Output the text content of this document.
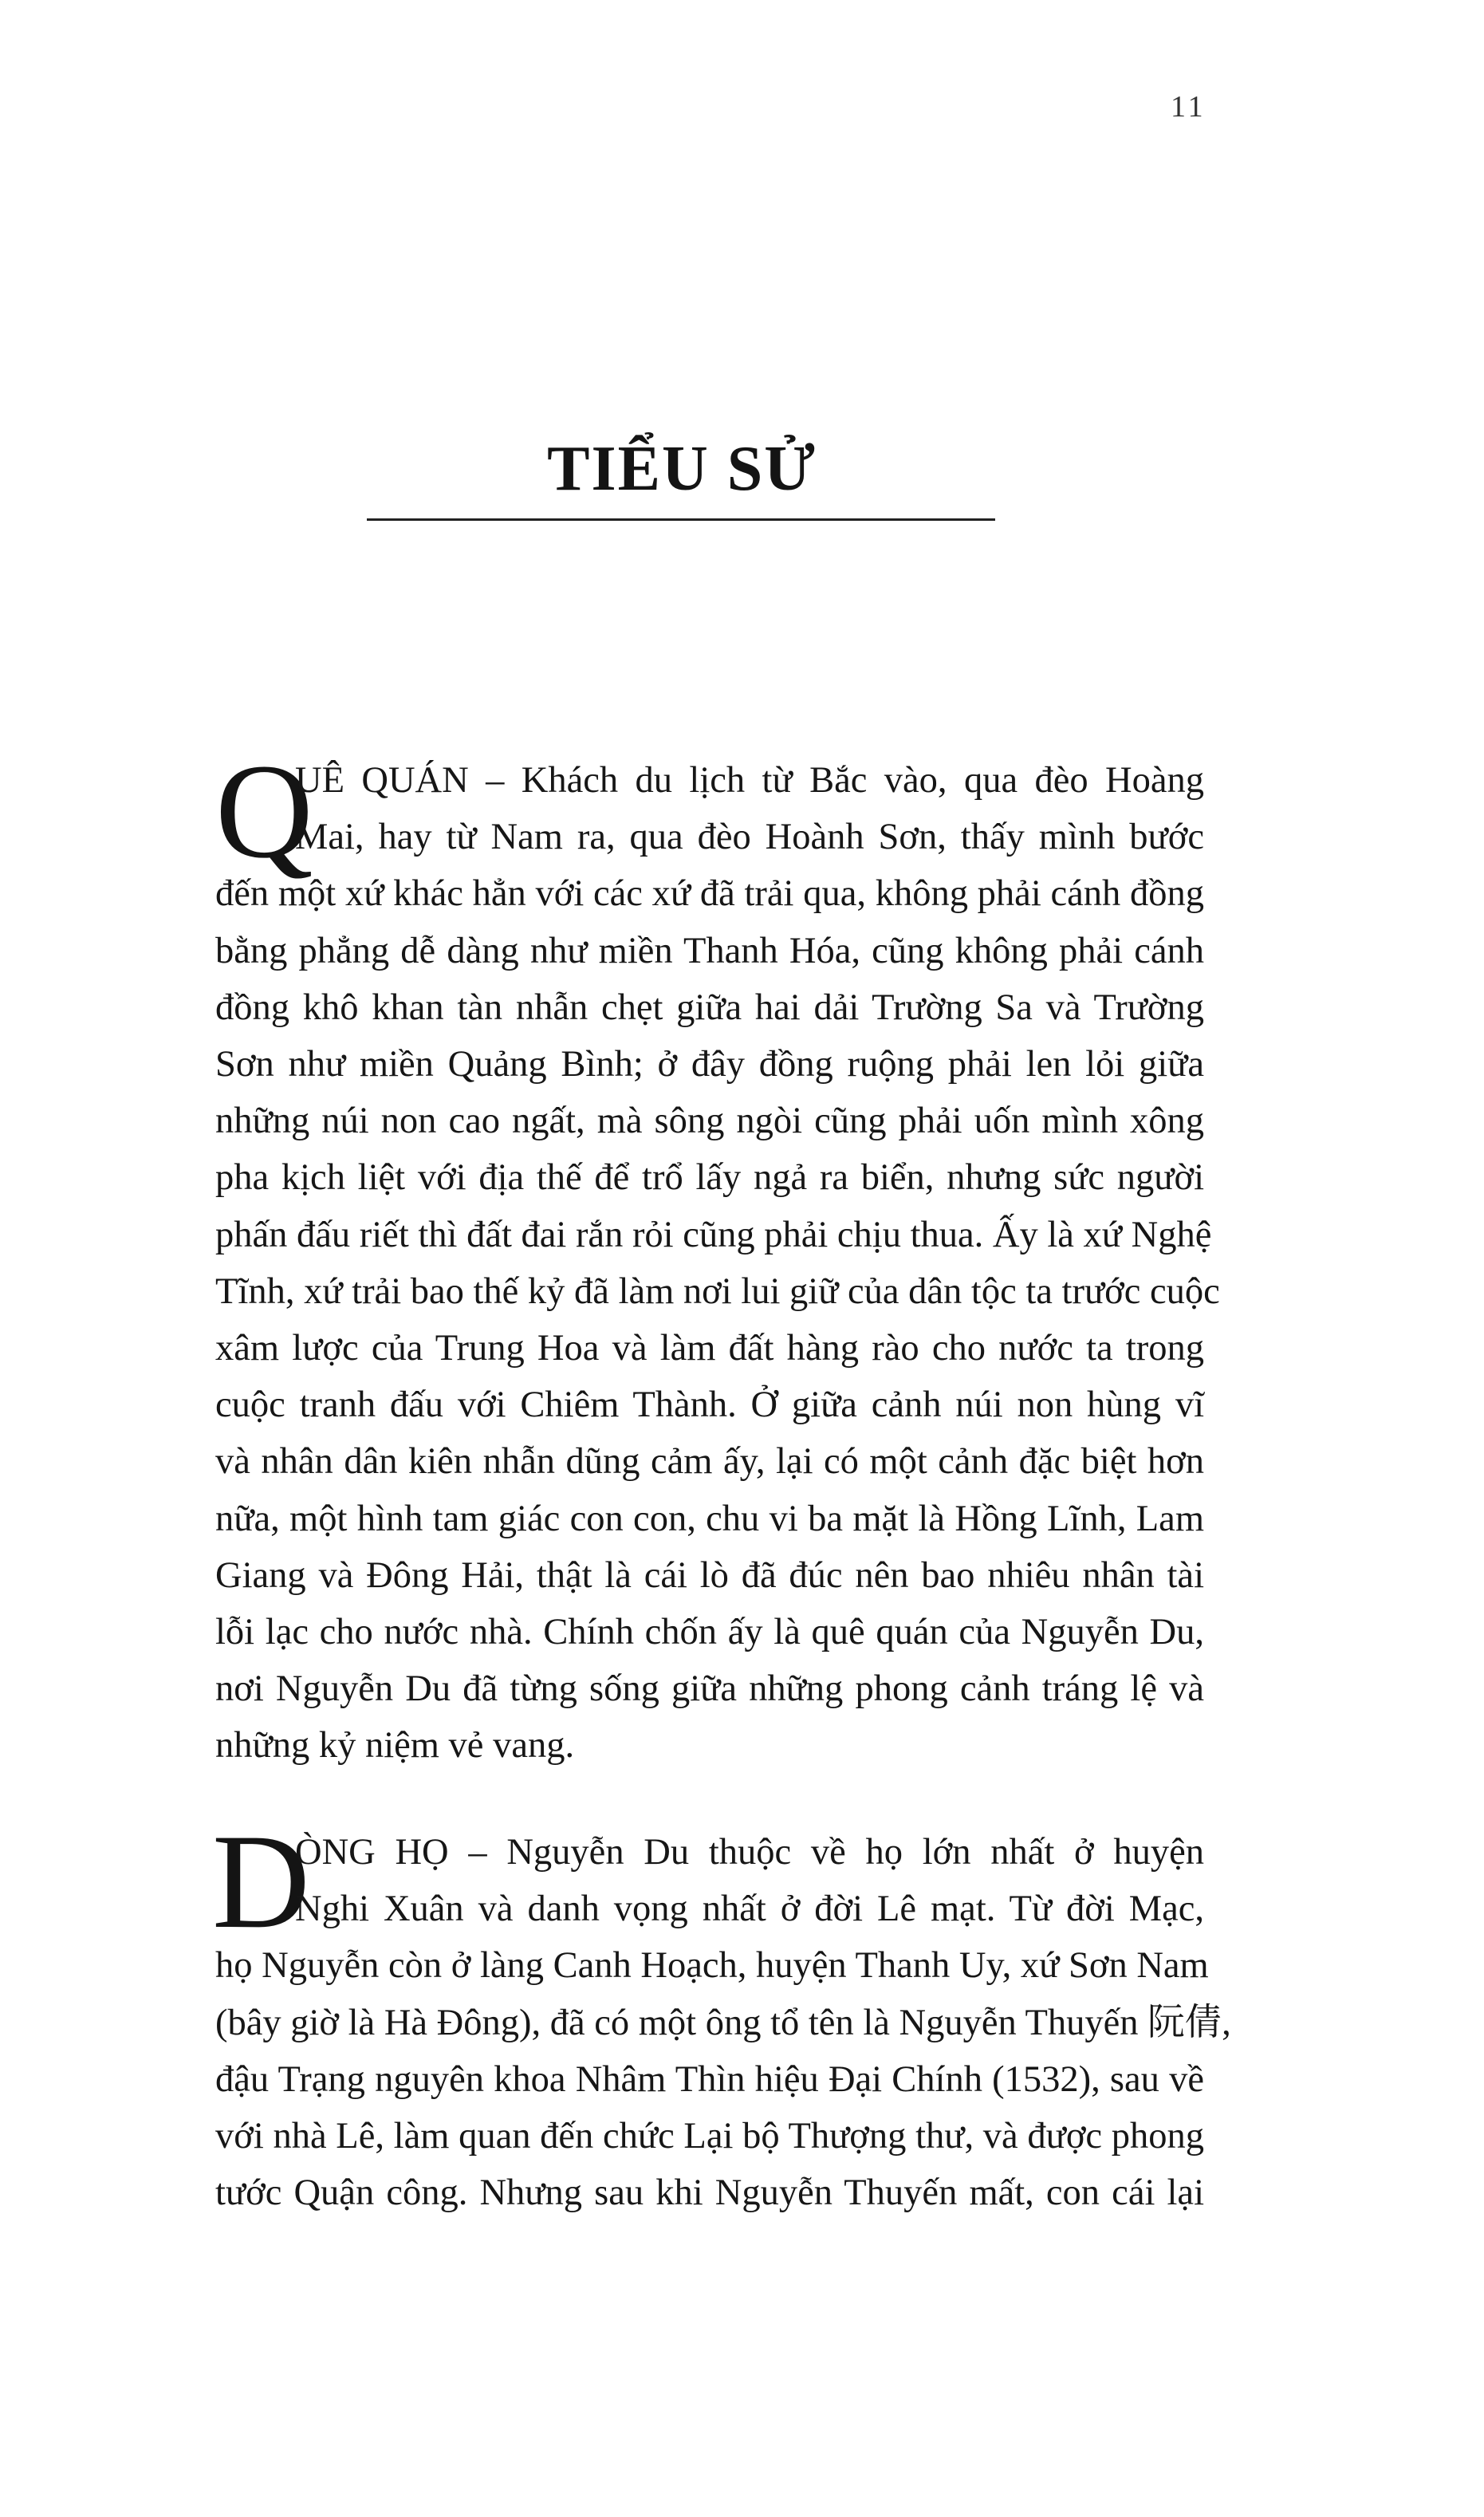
11
TIỂU SỬ
Q
UÊ QUÁN – Khách du lịch từ Bắc vào, qua đèo Hoàng
Mai, hay từ Nam ra, qua đèo Hoành Sơn, thấy mình bước
đến một xứ khác hẳn với các xứ đã trải qua, không phải cánh đồng
bằng phẳng dễ dàng như miền Thanh Hóa, cũng không phải cánh
đồng khô khan tàn nhẫn chẹt giữa hai dải Trường Sa và Trường
Sơn như miền Quảng Bình; ở đây đồng ruộng phải len lỏi giữa
những núi non cao ngất, mà sông ngòi cũng phải uốn mình xông
pha kịch liệt với địa thế để trổ lấy ngả ra biển, nhưng sức người
phấn đấu riết thì đất đai rắn rỏi cũng phải chịu thua. Ấy là xứ Nghệ
Tĩnh, xứ trải bao thế kỷ đã làm nơi lui giữ của dân tộc ta trước cuộc
xâm lược của Trung Hoa và làm đất hàng rào cho nước ta trong
cuộc tranh đấu với Chiêm Thành. Ở giữa cảnh núi non hùng vĩ
và nhân dân kiên nhẫn dũng cảm ấy, lại có một cảnh đặc biệt hơn
nữa, một hình tam giác con con, chu vi ba mặt là Hồng Lĩnh, Lam
Giang và Đông Hải, thật là cái lò đã đúc nên bao nhiêu nhân tài
lỗi lạc cho nước nhà. Chính chốn ấy là quê quán của Nguyễn Du,
nơi Nguyễn Du đã từng sống giữa những phong cảnh tráng lệ và
những kỷ niệm vẻ vang.
D
ÒNG HỌ – Nguyễn Du thuộc về họ lớn nhất ở huyện
Nghi Xuân và danh vọng nhất ở đời Lê mạt. Từ đời Mạc,
họ Nguyễn còn ở làng Canh Hoạch, huyện Thanh Uy, xứ Sơn Nam
(bây giờ là Hà Đông), đã có một ông tổ tên là Nguyễn Thuyến 阮倩,
đậu Trạng nguyên khoa Nhâm Thìn hiệu Đại Chính (1532), sau về
với nhà Lê, làm quan đến chức Lại bộ Thượng thư, và được phong
tước Quận công. Nhưng sau khi Nguyễn Thuyến mất, con cái lại
